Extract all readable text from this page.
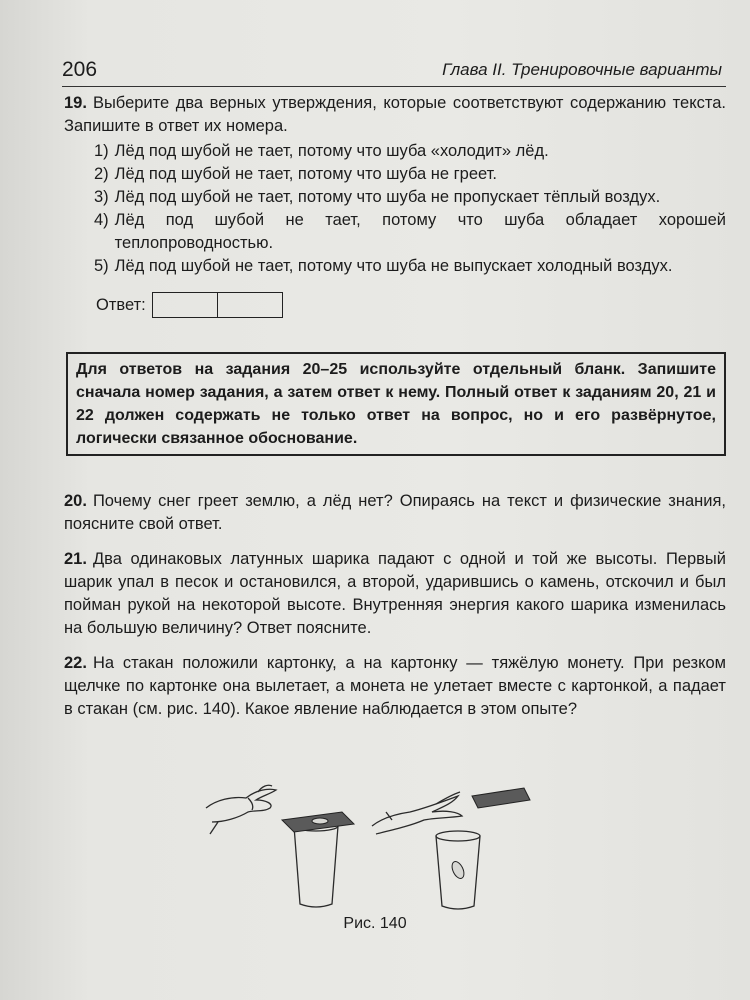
206	Глава II. Тренировочные варианты
19. Выберите два верных утверждения, которые соответствуют содержанию текста. Запишите в ответ их номера.
1) Лёд под шубой не тает, потому что шуба «холодит» лёд.
2) Лёд под шубой не тает, потому что шуба не греет.
3) Лёд под шубой не тает, потому что шуба не пропускает тёплый воздух.
4) Лёд под шубой не тает, потому что шуба обладает хорошей теплопроводностью.
5) Лёд под шубой не тает, потому что шуба не выпускает холодный воздух.
Ответ:
Для ответов на задания 20–25 используйте отдельный бланк. Запишите сначала номер задания, а затем ответ к нему. Полный ответ к заданиям 20, 21 и 22 должен содержать не только ответ на вопрос, но и его развёрнутое, логически связанное обоснование.
20. Почему снег греет землю, а лёд нет? Опираясь на текст и физические знания, поясните свой ответ.
21. Два одинаковых латунных шарика падают с одной и той же высоты. Первый шарик упал в песок и остановился, а второй, ударившись о камень, отскочил и был пойман рукой на некоторой высоте. Внутренняя энергия какого шарика изменилась на большую величину? Ответ поясните.
22. На стакан положили картонку, а на картонку — тяжёлую монету. При резком щелчке по картонке она вылетает, а монета не улетает вместе с картонкой, а падает в стакан (см. рис. 140). Какое явление наблюдается в этом опыте?
Рис. 140
